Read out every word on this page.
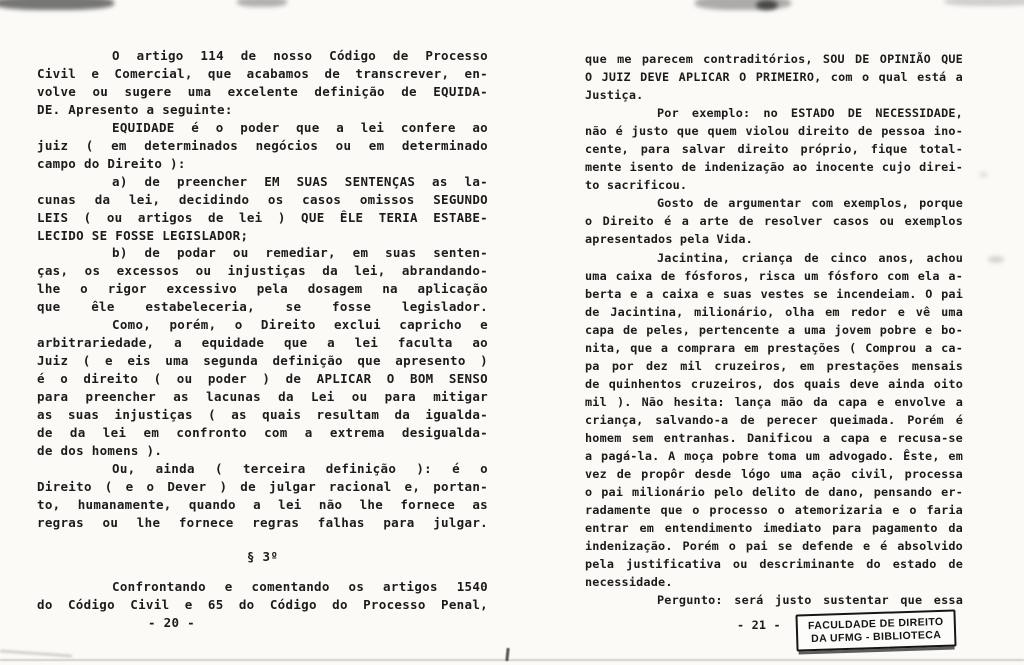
O artigo 114 de nosso Código de Processo
Civil e Comercial, que acabamos de transcrever, en-
volve ou sugere uma excelente definição de EQUIDA-
DE. Apresento a seguinte:
EQUIDADE é o poder que a lei confere ao
juiz ( em determinados negócios ou em determinado
campo do Direito ):
a) de preencher EM SUAS SENTENÇAS as la-
cunas da lei, decidindo os casos omissos SEGUNDO
LEIS ( ou artigos de lei ) QUE ÊLE TERIA ESTABE-
LECIDO SE FOSSE LEGISLADOR;
b) de podar ou remediar, em suas senten-
ças, os excessos ou injustiças da lei, abrandando-
lhe o rigor excessivo pela dosagem na aplicação
que êle estabeleceria, se fosse legislador.
Como, porém, o Direito exclui capricho e
arbitrariedade, a equidade que a lei faculta ao
Juiz ( e eis uma segunda definição que apresento )
é o direito ( ou poder ) de APLICAR O BOM SENSO
para preencher as lacunas da Lei ou para mitigar
as suas injustiças ( as quais resultam da igualda-
de da lei em confronto com a extrema desigualda-
de dos homens ).
Ou, ainda ( terceira definição ): é o
Direito ( e o Dever ) de julgar racional e, portan-
to, humanamente, quando a lei não lhe fornece as
regras ou lhe fornece regras falhas para julgar.
§ 3º
Confrontando e comentando os artigos 1540
do Código Civil e 65 do Código do Processo Penal,
- 20 -
que me parecem contraditórios, SOU DE OPINIÃO QUE
O JUIZ DEVE APLICAR O PRIMEIRO, com o qual está a
Justiça.
Por exemplo: no ESTADO DE NECESSIDADE,
não é justo que quem violou direito de pessoa ino-
cente, para salvar direito próprio, fique total-
mente isento de indenização ao inocente cujo direi-
to sacrificou.
Gosto de argumentar com exemplos, porque
o Direito é a arte de resolver casos ou exemplos
apresentados pela Vida.
Jacintina, criança de cinco anos, achou
uma caixa de fósforos, risca um fósforo com ela a-
berta e a caixa e suas vestes se incendeiam. O pai
de Jacintina, milionário, olha em redor e vê uma
capa de peles, pertencente a uma jovem pobre e bo-
nita, que a comprara em prestações ( Comprou a ca-
pa por dez mil cruzeiros, em prestações mensais
de quinhentos cruzeiros, dos quais deve ainda oito
mil ). Não hesita: lança mão da capa e envolve a
criança, salvando-a de perecer queimada. Porém é
homem sem entranhas. Danificou a capa e recusa-se
a pagá-la. A moça pobre toma um advogado. Êste, em
vez de propôr desde lógo uma ação civil, processa
o pai milionário pelo delito de dano, pensando er-
radamente que o processo o atemorizaria e o faria
entrar em entendimento imediato para pagamento da
indenização. Porém o pai se defende e é absolvido
pela justificativa ou descriminante do estado de
necessidade.
Pergunto: será justo sustentar que essa
- 21 -	FACULDADE DE DIREITO
DA UFMG - BIBLIOTECA
